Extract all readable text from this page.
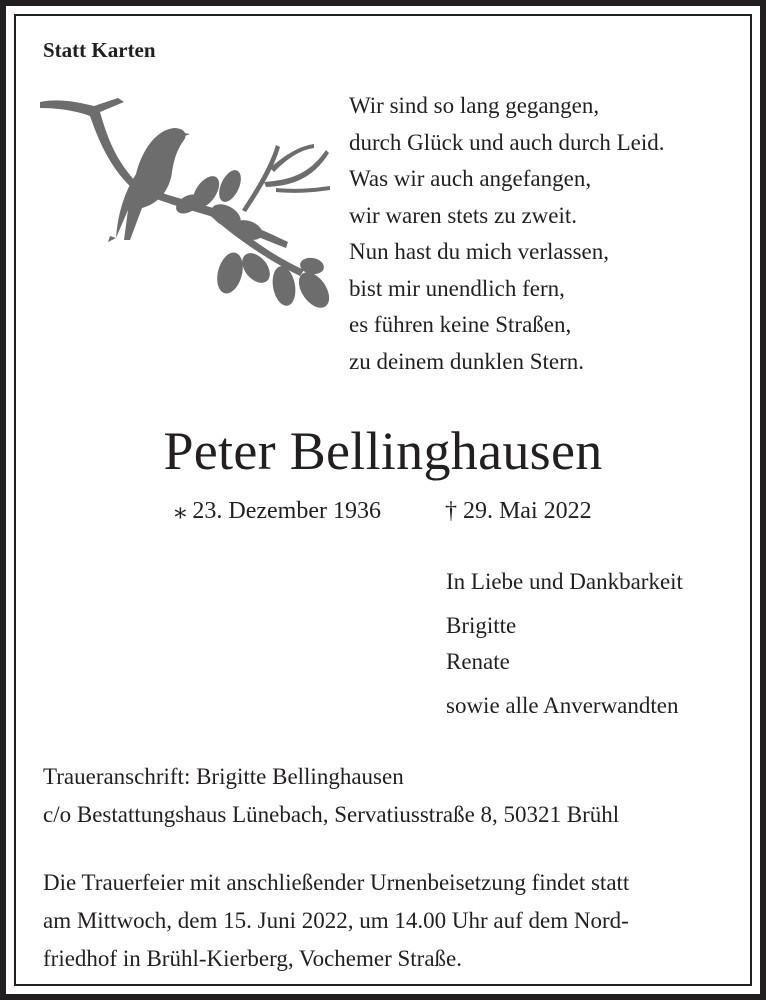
Statt Karten
Wir sind so lang gegangen,
durch Glück und auch durch Leid.
Was wir auch angefangen,
wir waren stets zu zweit.
Nun hast du mich verlassen,
bist mir unendlich fern,
es führen keine Straßen,
zu deinem dunklen Stern.
Peter Bellinghausen
⁎ 23. Dezember 1936	† 29. Mai 2022
In Liebe und Dankbarkeit
Brigitte
Renate
sowie alle Anverwandten
Traueranschrift: Brigitte Bellinghausen
c/o Bestattungshaus Lünebach, Servatiusstraße 8, 50321 Brühl
Die Trauerfeier mit anschließender Urnenbeisetzung findet statt
am Mittwoch, dem 15. Juni 2022, um 14.00 Uhr auf dem Nord-
friedhof in Brühl-Kierberg, Vochemer Straße.
